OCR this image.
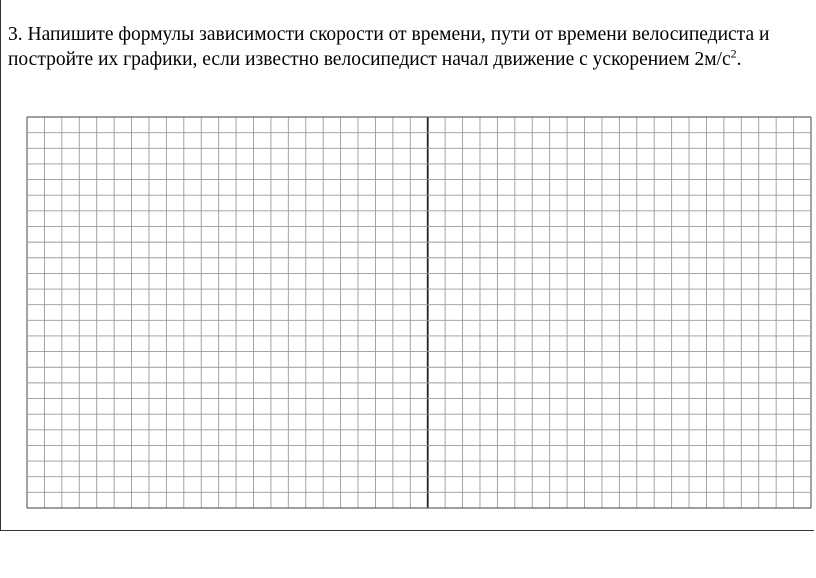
3. Напишите формулы зависимости скорости от времени, пути от времени велосипедиста и постройте их графики, если известно велосипедист начал движение с ускорением $2м/с^2$.
